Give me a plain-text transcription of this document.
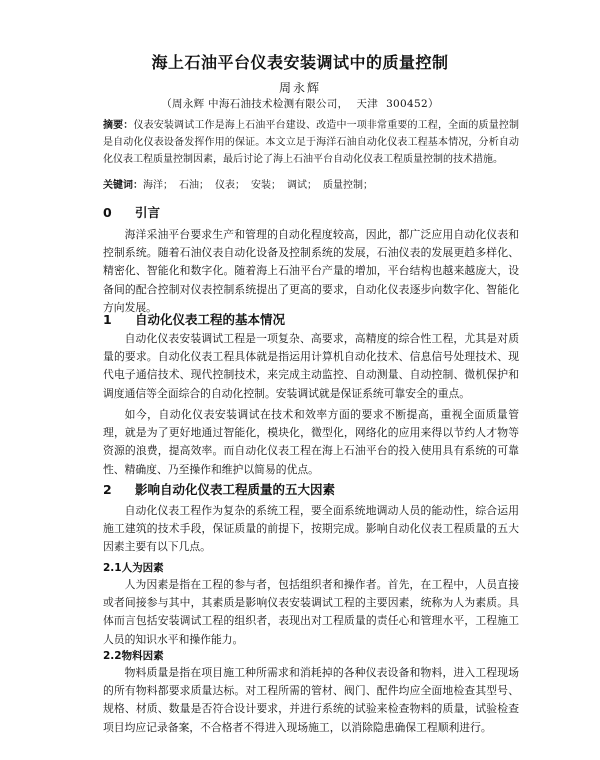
海上石油平台仪表安装调试中的质量控制
周永辉
（周永辉 中海石油技术检测有限公司， 天津 300452）
摘要：仪表安装调试工作是海上石油平台建设、改造中一项非常重要的工程，全面的质量控制是自动化仪表设备发挥作用的保证。本文立足于海洋石油自动化仪表工程基本情况，分析自动化仪表工程质量控制因素，最后讨论了海上石油平台自动化仪表工程质量控制的技术措施。
关键词：海洋； 石油； 仪表； 安装； 调试； 质量控制；
0 引言

海洋采油平台要求生产和管理的自动化程度较高，因此，都广泛应用自动化仪表和控制系统。随着石油仪表自动化设备及控制系统的发展，石油仪表的发展更趋多样化、精密化、智能化和数字化。随着海上石油平台产量的增加，平台结构也越来越庞大，设备间的配合控制对仪表控制系统提出了更高的要求，自动化仪表逐步向数字化、智能化方向发展。

1 自动化仪表工程的基本情况

自动化仪表安装调试工程是一项复杂、高要求，高精度的综合性工程，尤其是对质量的要求。自动化仪表工程具体就是指运用计算机自动化技术、信息信号处理技术、现代电子通信技术、现代控制技术，来完成主动监控、自动测量、自动控制、微机保护和调度通信等全面综合的自动化控制。安装调试就是保证系统可靠安全的重点。

如今，自动化仪表安装调试在技术和效率方面的要求不断提高，重视全面质量管理，就是为了更好地通过智能化，模块化，微型化，网络化的应用来得以节约人才物等资源的浪费，提高效率。而自动化仪表工程在海上石油平台的投入使用具有系统的可靠性、精确度、乃至操作和维护以简易的优点。

2 影响自动化仪表工程质量的五大因素

自动化仪表工程作为复杂的系统工程，要全面系统地调动人员的能动性，综合运用施工建筑的技术手段，保证质量的前提下，按期完成。影响自动化仪表工程质量的五大因素主要有以下几点。

2.1人为因素

人为因素是指在工程的参与者，包括组织者和操作者。首先，在工程中，人员直接或者间接参与其中，其素质是影响仪表安装调试工程的主要因素，统称为人为素质。具体而言包括安装调试工程的组织者，表现出对工程质量的责任心和管理水平，工程施工人员的知识水平和操作能力。

2.2物料因素

物料质量是指在项目施工种所需求和消耗掉的各种仪表设备和物料，进入工程现场的所有物料都要求质量达标。对工程所需的管材、阀门、配件均应全面地检查其型号、规格、材质、数量是否符合设计要求，并进行系统的试验来检查物料的质量，试验检查项目均应记录备案，不合格者不得进入现场施工，以消除隐患确保工程顺利进行。
